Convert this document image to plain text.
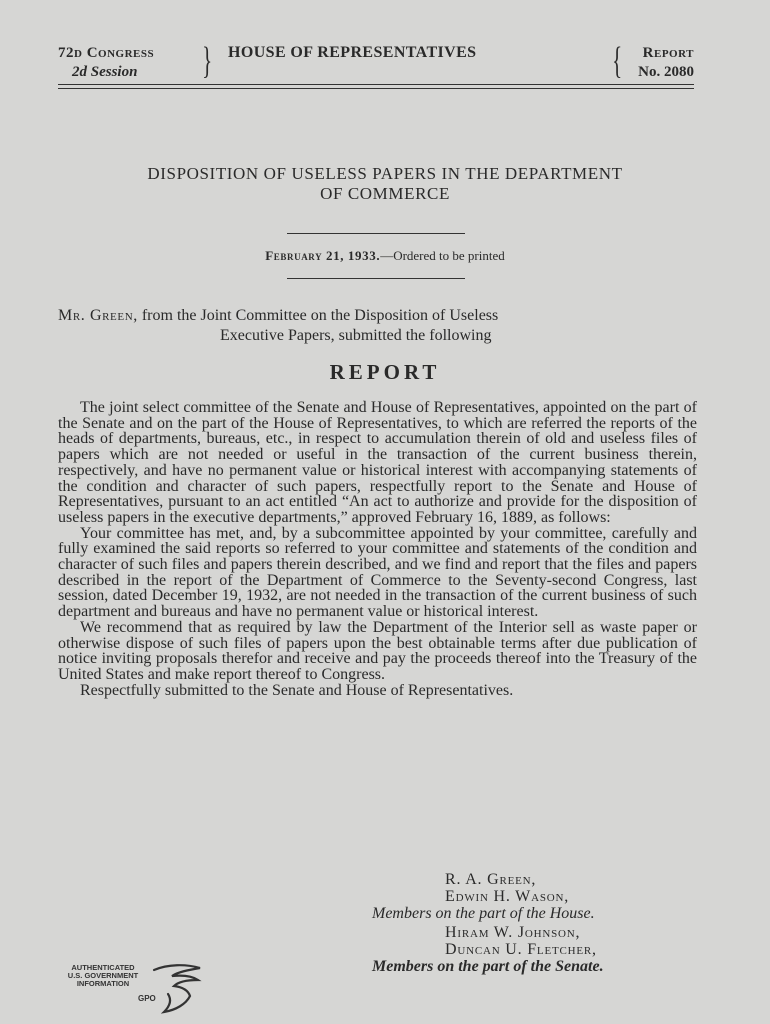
72d Congress
2d Session	} HOUSE OF REPRESENTATIVES	{	Report
No. 2080
DISPOSITION OF USELESS PAPERS IN THE DEPARTMENT
OF COMMERCE
February 21, 1933.—Ordered to be printed
Mr. Green, from the Joint Committee on the Disposition of Useless
Executive Papers, submitted the following
REPORT

The joint select committee of the Senate and House of Representatives, appointed on the part of the Senate and on the part of the House of Representatives, to which are referred the reports of the heads of departments, bureaus, etc., in respect to accumulation therein of old and useless files of papers which are not needed or useful in the transaction of the current business therein, respectively, and have no permanent value or historical interest with accompanying statements of the condition and character of such papers, respectfully report to the Senate and House of Representatives, pursuant to an act entitled “An act to authorize and provide for the disposition of useless papers in the executive departments,” approved February 16, 1889, as follows:

Your committee has met, and, by a subcommittee appointed by your committee, carefully and fully examined the said reports so referred to your committee and statements of the condition and character of such files and papers therein described, and we find and report that the files and papers described in the report of the Department of Commerce to the Seventy-second Congress, last session, dated December 19, 1932, are not needed in the transaction of the current business of such department and bureaus and have no permanent value or historical interest.

We recommend that as required by law the Department of the Interior sell as waste paper or otherwise dispose of such files of papers upon the best obtainable terms after due publication of notice inviting proposals therefor and receive and pay the proceeds thereof into the Treasury of the United States and make report thereof to Congress.

Respectfully submitted to the Senate and House of Representatives.

R. A. Green,
Edwin H. Wason,
Members on the part of the House.
Hiram W. Johnson,
Duncan U. Fletcher,
Members on the part of the Senate.
AUTHENTICATED
U.S. GOVERNMENT
INFORMATION
GPO
